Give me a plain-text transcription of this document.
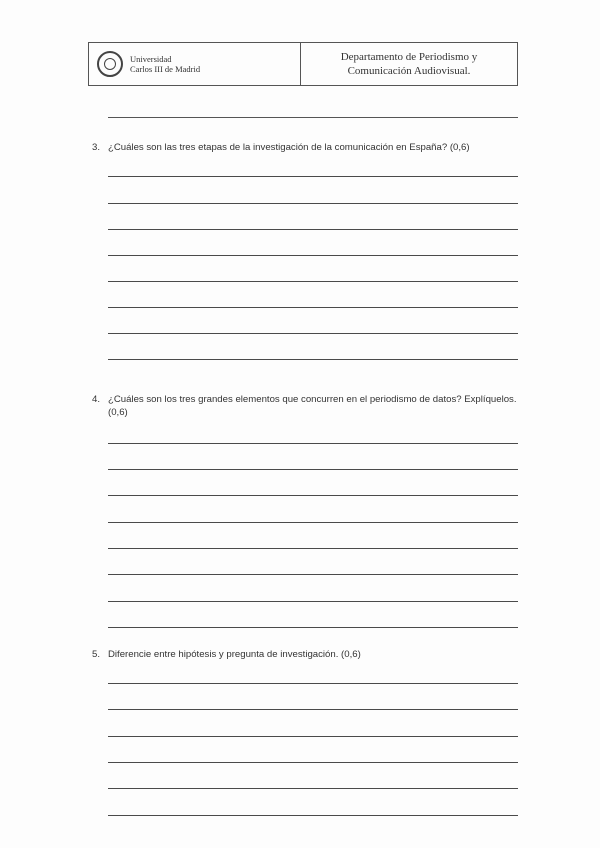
Universidad
Carlos III de Madrid
Departamento de Periodismo y
Comunicación Audiovisual.
3. ¿Cuáles son las tres etapas de la investigación de la comunicación en España? (0,6)
4. ¿Cuáles son los tres grandes elementos que concurren en el periodismo de datos? Explíquelos. (0,6)
5. Diferencie entre hipótesis y pregunta de investigación. (0,6)
